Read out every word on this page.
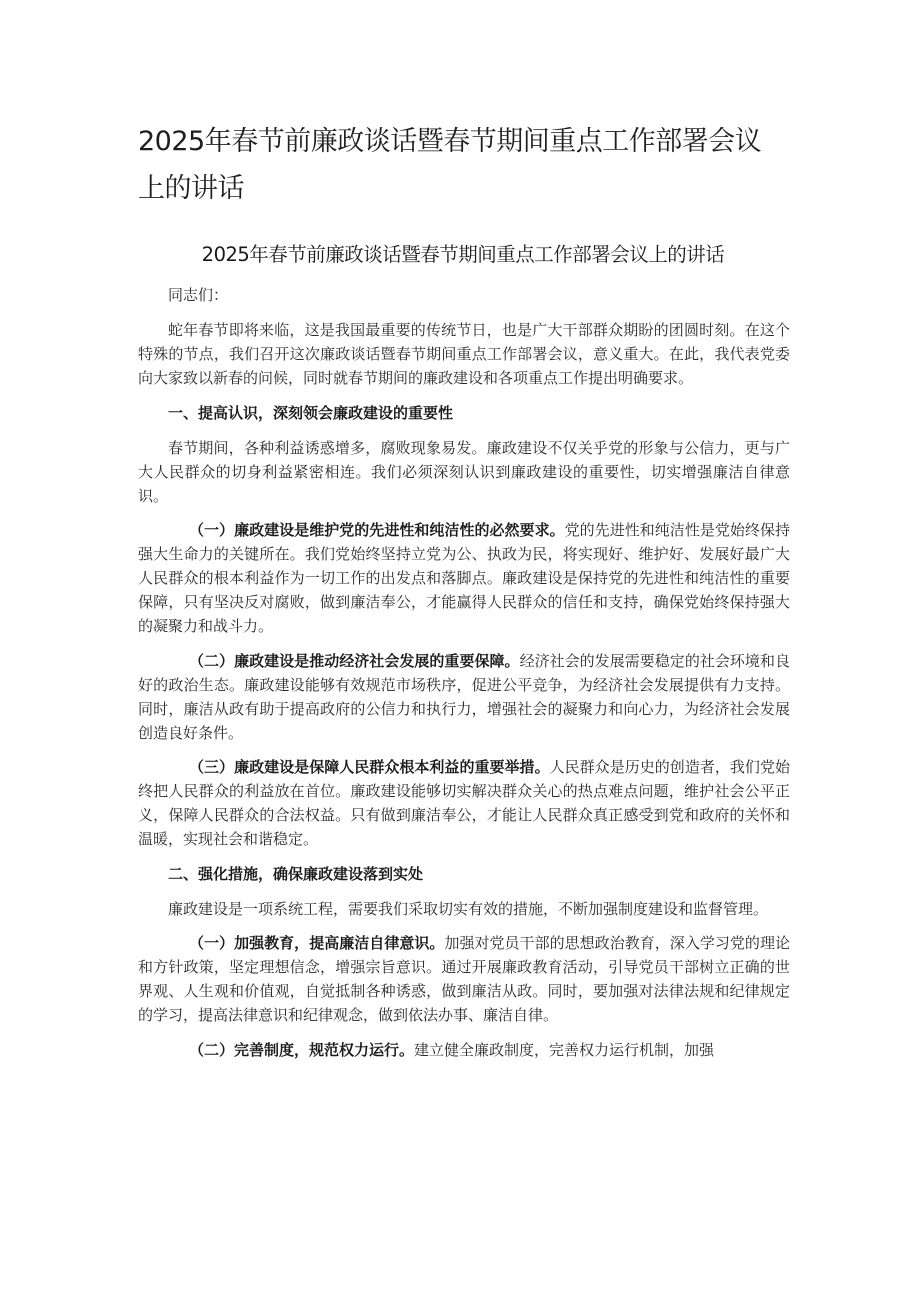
2025年春节前廉政谈话暨春节期间重点工作部署会议上的讲话
2025年春节前廉政谈话暨春节期间重点工作部署会议上的讲话

同志们：

蛇年春节即将来临，这是我国最重要的传统节日，也是广大干部群众期盼的团圆时刻。在这个特殊的节点，我们召开这次廉政谈话暨春节期间重点工作部署会议，意义重大。在此，我代表党委向大家致以新春的问候，同时就春节期间的廉政建设和各项重点工作提出明确要求。

一、提高认识，深刻领会廉政建设的重要性

春节期间，各种利益诱惑增多，腐败现象易发。廉政建设不仅关乎党的形象与公信力，更与广大人民群众的切身利益紧密相连。我们必须深刻认识到廉政建设的重要性，切实增强廉洁自律意识。

（一）廉政建设是维护党的先进性和纯洁性的必然要求。党的先进性和纯洁性是党始终保持强大生命力的关键所在。我们党始终坚持立党为公、执政为民，将实现好、维护好、发展好最广大人民群众的根本利益作为一切工作的出发点和落脚点。廉政建设是保持党的先进性和纯洁性的重要保障，只有坚决反对腐败，做到廉洁奉公，才能赢得人民群众的信任和支持，确保党始终保持强大的凝聚力和战斗力。

（二）廉政建设是推动经济社会发展的重要保障。经济社会的发展需要稳定的社会环境和良好的政治生态。廉政建设能够有效规范市场秩序，促进公平竞争，为经济社会发展提供有力支持。同时，廉洁从政有助于提高政府的公信力和执行力，增强社会的凝聚力和向心力，为经济社会发展创造良好条件。

（三）廉政建设是保障人民群众根本利益的重要举措。人民群众是历史的创造者，我们党始终把人民群众的利益放在首位。廉政建设能够切实解决群众关心的热点难点问题，维护社会公平正义，保障人民群众的合法权益。只有做到廉洁奉公，才能让人民群众真正感受到党和政府的关怀和温暖，实现社会和谐稳定。

二、强化措施，确保廉政建设落到实处

廉政建设是一项系统工程，需要我们采取切实有效的措施，不断加强制度建设和监督管理。

（一）加强教育，提高廉洁自律意识。加强对党员干部的思想政治教育，深入学习党的理论和方针政策，坚定理想信念，增强宗旨意识。通过开展廉政教育活动，引导党员干部树立正确的世界观、人生观和价值观，自觉抵制各种诱惑，做到廉洁从政。同时，要加强对法律法规和纪律规定的学习，提高法律意识和纪律观念，做到依法办事、廉洁自律。

（二）完善制度，规范权力运行。建立健全廉政制度，完善权力运行机制，加强
